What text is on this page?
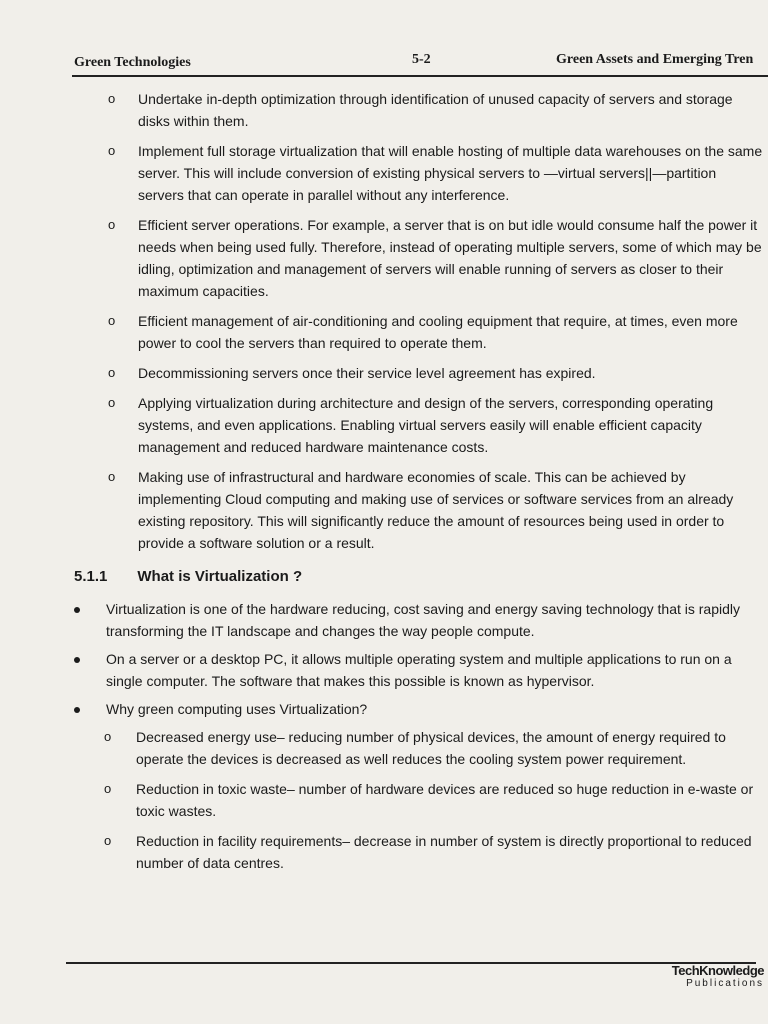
Green Technologies	5-2	Green Assets and Emerging Tren
o Undertake in-depth optimization through identification of unused capacity of servers and storage disks within them.
o Implement full storage virtualization that will enable hosting of multiple data warehouses on the same server. This will include conversion of existing physical servers to —virtual servers||—partition servers that can operate in parallel without any interference.
o Efficient server operations. For example, a server that is on but idle would consume half the power it needs when being used fully. Therefore, instead of operating multiple servers, some of which may be idling, optimization and management of servers will enable running of servers as closer to their maximum capacities.
o Efficient management of air-conditioning and cooling equipment that require, at times, even more power to cool the servers than required to operate them.
o Decommissioning servers once their service level agreement has expired.
o Applying virtualization during architecture and design of the servers, corresponding operating systems, and even applications. Enabling virtual servers easily will enable efficient capacity management and reduced hardware maintenance costs.
o Making use of infrastructural and hardware economies of scale. This can be achieved by implementing Cloud computing and making use of services or software services from an already existing repository. This will significantly reduce the amount of resources being used in order to provide a software solution or a result.
5.1.1 What is Virtualization ?
Virtualization is one of the hardware reducing, cost saving and energy saving technology that is rapidly transforming the IT landscape and changes the way people compute.
On a server or a desktop PC, it allows multiple operating system and multiple applications to run on a single computer. The software that makes this possible is known as hypervisor.
Why green computing uses Virtualization?
o Decreased energy use– reducing number of physical devices, the amount of energy required to operate the devices is decreased as well reduces the cooling system power requirement.
o Reduction in toxic waste– number of hardware devices are reduced so huge reduction in e-waste or toxic wastes.
o Reduction in facility requirements– decrease in number of system is directly proportional to reduced number of data centres.
TechKnowledge
Publications
